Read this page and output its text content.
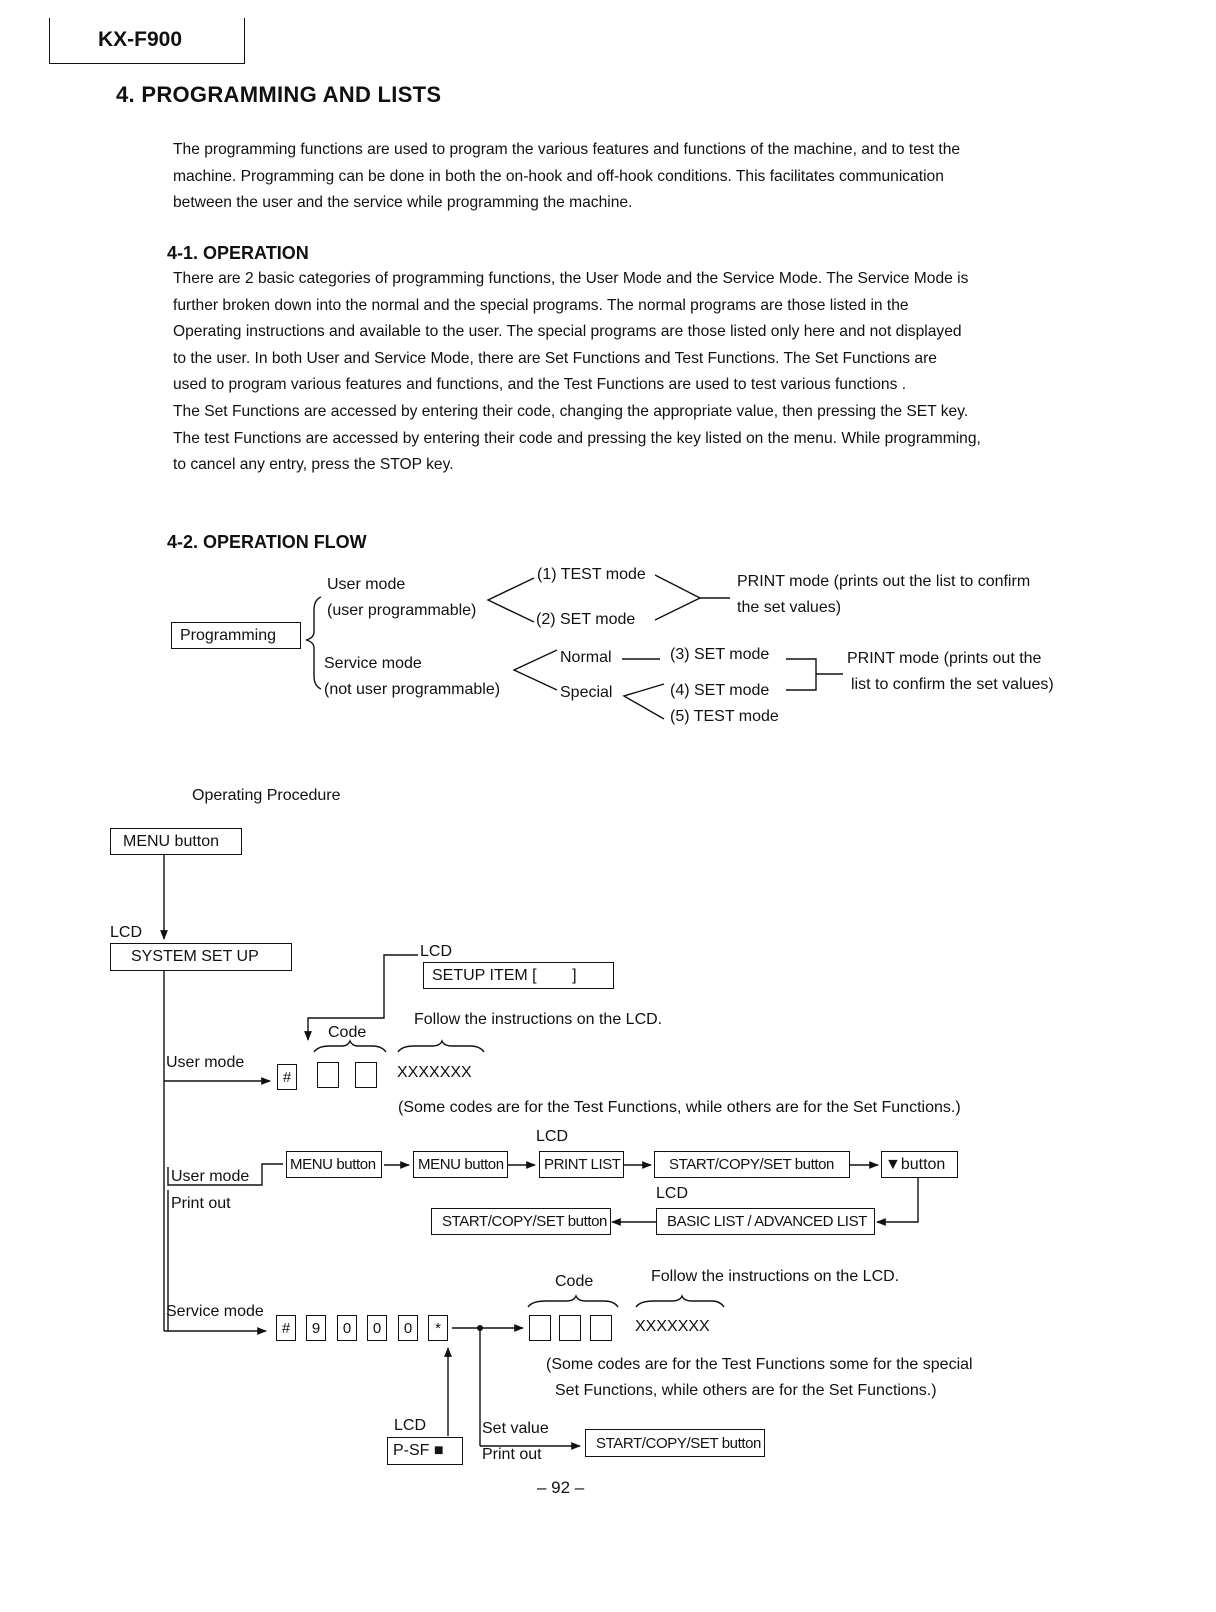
KX-F900
4. PROGRAMMING AND LISTS
The programming functions are used to program the various features and functions of the machine, and to test the
machine. Programming can be done in both the on-hook and off-hook conditions. This facilitates communication
between the user and the service while programming the machine.
4-1. OPERATION
There are 2 basic categories of programming functions, the User Mode and the Service Mode. The Service Mode is
further broken down into the normal and the special programs. The normal programs are those listed in the
Operating instructions and available to the user. The special programs are those listed only here and not displayed
to the user. In both User and Service Mode, there are Set Functions and Test Functions. The Set Functions are
used to program various features and functions, and the Test Functions are used to test various functions .
The Set Functions are accessed by entering their code, changing the appropriate value, then pressing the SET key.
The test Functions are accessed by entering their code and pressing the key listed on the menu. While programming,
to cancel any entry, press the STOP key.
4-2. OPERATION FLOW
Programming
User mode
(user programmable)
(1) TEST mode
(2) SET mode
PRINT mode (prints out the list to confirm
the set values)
Service mode
(not user programmable)
Normal
Special
(3) SET mode
(4) SET mode
(5) TEST mode
PRINT mode (prints out the
list to confirm the set values)
Operating Procedure
MENU button
LCD
SYSTEM SET UP	LCD
SETUP ITEM [        ]
Code
Follow the instructions on the LCD.
User mode
#	XXXXXXX
(Some codes are for the Test Functions, while others are for the Set Functions.)
LCD
User mode
Print out
MENU button	MENU button	PRINT LIST	START/COPY/SET button	▼button
LCD
START/COPY/SET button	BASIC LIST / ADVANCED LIST
Code	Follow the instructions on the LCD.
Service mode
#	9	0	0	0	*	XXXXXXX
(Some codes are for the Test Functions some for the special
Set Functions, while others are for the Set Functions.)
LCD
P-SF ■
Set value
Print out
START/COPY/SET button
– 92 –
